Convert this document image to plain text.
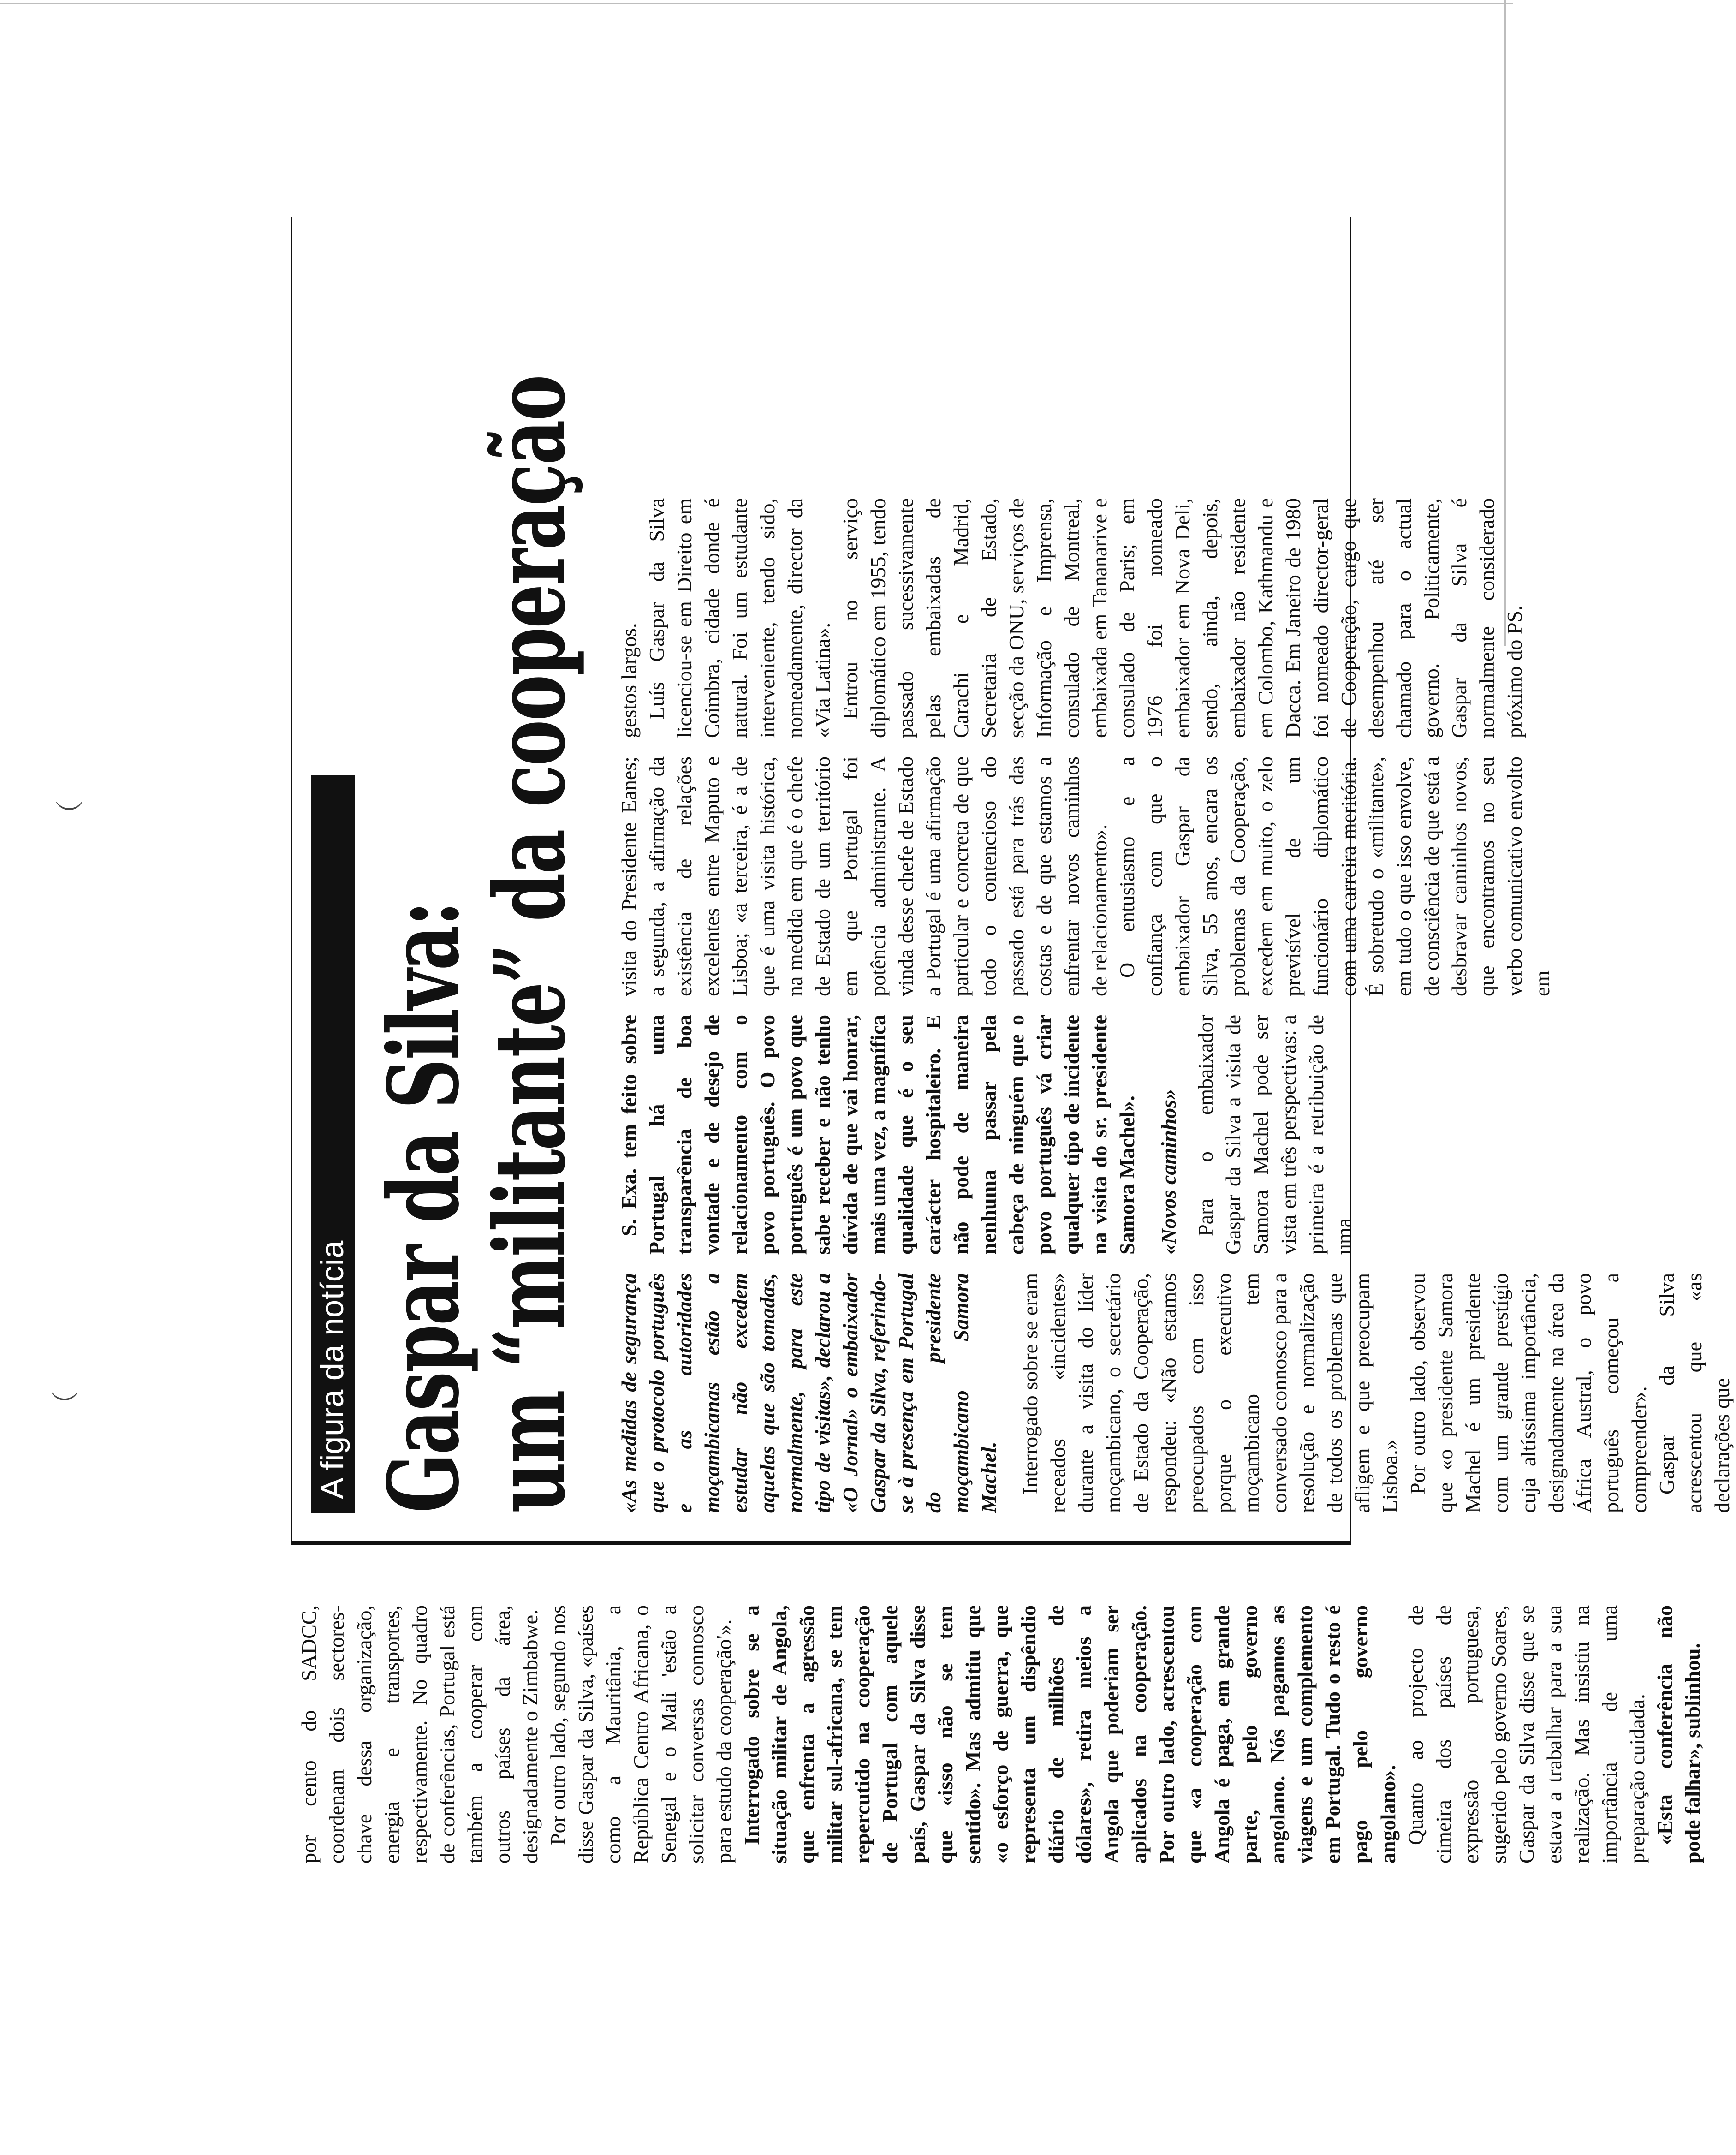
︶
︶

por cento do SADCC, coordenam dois sectores-chave dessa organização, energia e transportes, respectivamente. No quadro de conferências, Portugal está também a cooperar com outros países da área, designadamente o Zimbabwe. Por outro lado, segundo nos disse Gaspar da Silva, «países como a Mauritânia, a República Centro Africana, o Senegal e o Mali 'estão a solicitar conversas connosco para estudo da cooperação'». Interrogado sobre se a situação militar de Angola, que enfrenta a agressão militar sul-africana, se tem repercutido na cooperação de Portugal com aquele país, Gaspar da Silva disse que «isso não se tem sentido». Mas admitiu que «o esforço de guerra, que representa um dispêndio diário de milhões de dólares», retira meios a Angola que poderiam ser aplicados na cooperação. Por outro lado, acrescentou que «a cooperação com Angola é paga, em grande parte, pelo governo angolano. Nós pagamos as viagens e um complemento em Portugal. Tudo o resto é pago pelo governo angolano». Quanto ao projecto de cimeira dos países de expressão portuguesa, sugerido pelo governo Soares, Gaspar da Silva disse que se estava a trabalhar para a sua realização. Mas insistiu na importância de uma preparação cuidada. «Esta conferência não pode falhar», sublinhou.

A figura da notícia Gaspar da Silva:
um “militante” da cooperação «As medidas de segurança que o protocolo português e as autoridades moçambicanas estão a estudar não excedem aquelas que são tomadas, normalmente, para este tipo de visitas», declarou a «O Jornal» o embaixador Gaspar da Silva, referindo-se à presença em Portugal do presidente moçambicano Samora Machel. Interrogado sobre se eram receados «incidentes» durante a visita do líder moçambicano, o secretário de Estado da Cooperação, respondeu: «Não estamos preocupados com isso porque o executivo moçambicano tem conversado connosco para a resolução e normalização de todos os problemas que afligem e que preocupam Lisboa.» Por outro lado, observou que «o presidente Samora Machel é um presidente com um grande prestígio cuja altíssima importância, designadamente na área da África Austral, o povo português começou a compreender». Gaspar da Silva acrescentou que «as declarações que

S. Exa. tem feito sobre Portugal há uma transparência de boa vontade e de desejo de relacionamento com o povo português. O povo português é um povo que sabe receber e não tenho dúvida de que vai honrar, mais uma vez, a magnífica qualidade que é o seu carácter hospitaleiro. E não pode de maneira nenhuma passar pela cabeça de ninguém que o povo português vá criar qualquer tipo de incidente na visita do sr. presidente Samora Machel». «Novos caminhos» Para o embaixador Gaspar da Silva a visita de Samora Machel pode ser vista em três perspectivas: a primeira é a retribuição de uma

visita do Presidente Eanes; a segunda, a afirmação da existência de relações excelentes entre Maputo e Lisboa; «a terceira, é a de que é uma visita histórica, na medida em que é o chefe de Estado de um território em que Portugal foi potência administrante. A vinda desse chefe de Estado a Portugal é uma afirmação particular e concreta de que todo o contencioso do passado está para trás das costas e de que estamos a enfrentar novos caminhos de relacionamento». O entusiasmo e a confiança com que o embaixador Gaspar da Silva, 55 anos, encara os problemas da Cooperação, excedem em muito, o zelo previsível de um funcionário diplomático com uma carreira meritória. É sobretudo o «militante», em tudo o que isso envolve, de consciência de que está a desbravar caminhos novos, que encontramos no seu verbo comunicativo envolto em

gestos largos. Luís Gaspar da Silva licenciou-se em Direito em Coimbra, cidade donde é natural. Foi um estudante interveniente, tendo sido, nomeadamente, director da «Via Latina». Entrou no serviço diplomático em 1955, tendo passado sucessivamente pelas embaixadas de Carachi e Madrid, Secretaria de Estado, secção da ONU, serviços de Informação e Imprensa, consulado de Montreal, embaixada em Tananarive e consulado de Paris; em 1976 foi nomeado embaixador em Nova Deli, sendo, ainda, depois, embaixador não residente em Colombo, Kathmandu e Dacca. Em Janeiro de 1980 foi nomeado director-geral de Cooperação, cargo que desempenhou até ser chamado para o actual governo. Politicamente, Gaspar da Silva é normalmente considerado próximo do PS.
